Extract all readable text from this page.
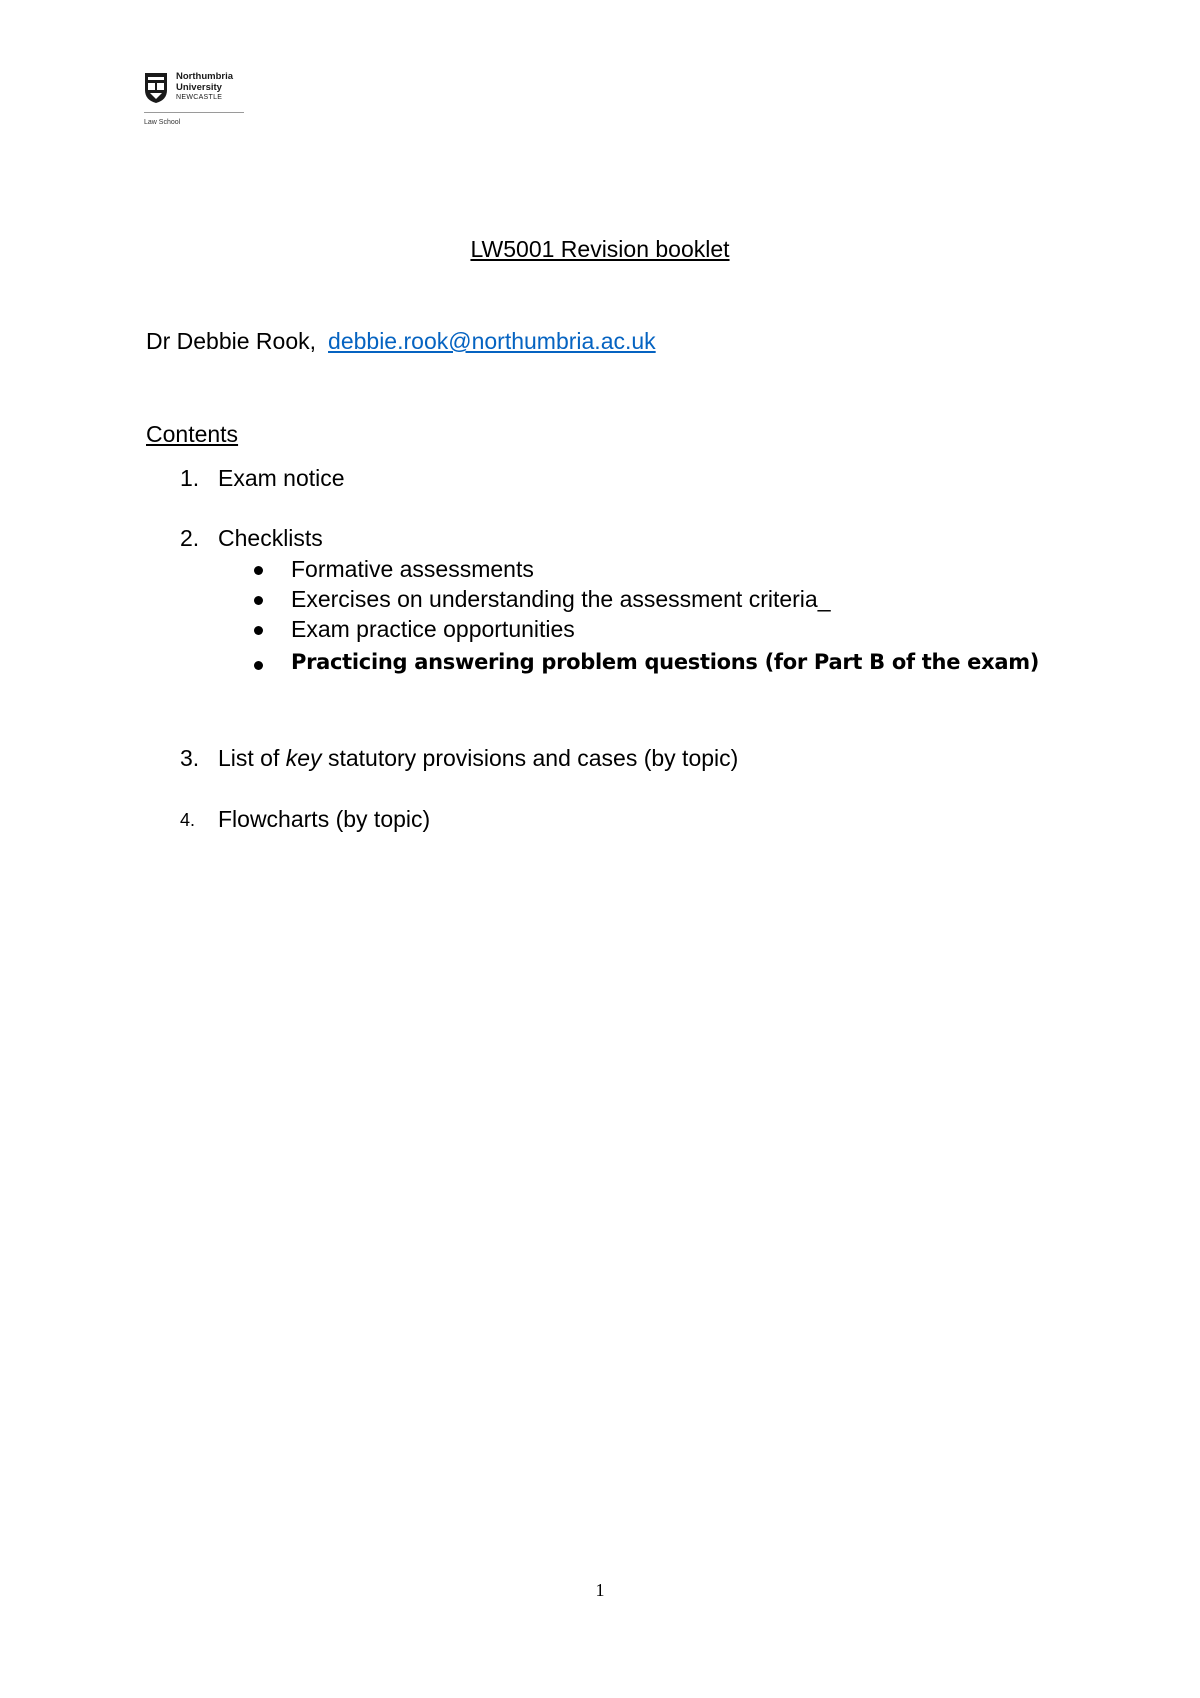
Northumbria
University
NEWCASTLE
Law School
LW5001 Revision booklet
Dr Debbie Rook, debbie.rook@northumbria.ac.uk
Contents
1. Exam notice
2. Checklists
Formative assessments
Exercises on understanding the assessment criteria_
Exam practice opportunities
Practicing answering problem questions (for Part B of the exam)
3. List of key statutory provisions and cases (by topic)
4. Flowcharts (by topic)
1
